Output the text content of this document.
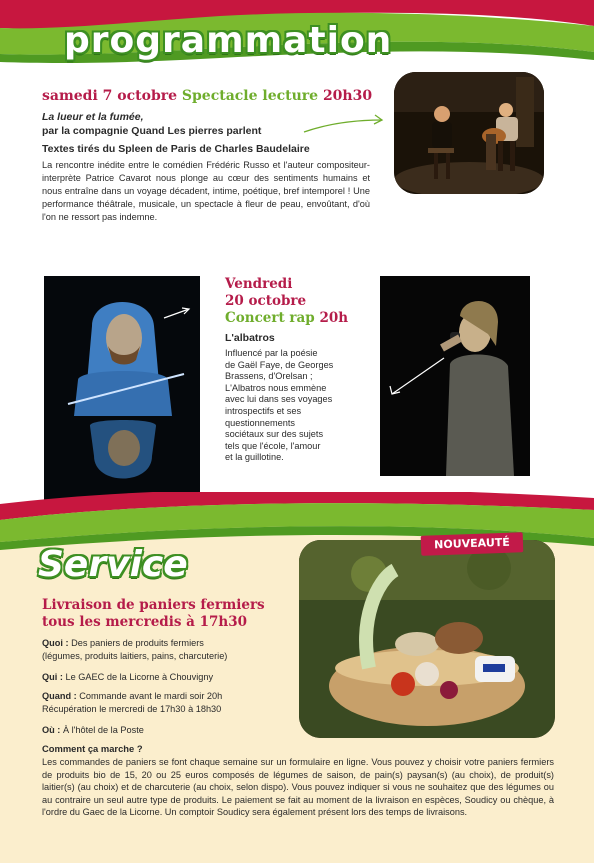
programmation
samedi 7 octobre Spectacle lecture 20h30
La lueur et la fumée,
par la compagnie Quand Les pierres parlent
Textes tirés du Spleen de Paris de Charles Baudelaire
La rencontre inédite entre le comédien Frédéric Russo et l'auteur compositeur-interprète Patrice Cavarot nous plonge au cœur des sentiments humains et nous entraîne dans un voyage décadent, intime, poétique, bref intemporel ! Une performance théâtrale, musicale, un spectacle à fleur de peau, envoûtant, d'où l'on ne ressort pas indemne.
Vendredi
20 octobre
Concert rap 20h
L'albatros
Influencé par la poésie
de Gaël Faye, de Georges
Brassens, d'Orelsan ;
L'Albatros nous emmène
avec lui dans ses voyages
introspectifs et ses
questionnements
sociétaux sur des sujets
tels que l'école, l'amour
et la guillotine.
Service
NOUVEAUTÉ
Livraison de paniers fermiers
tous les mercredis à 17h30
Quoi : Des paniers de produits fermiers
(légumes, produits laitiers, pains, charcuterie)
Qui : Le GAEC de la Licorne à Chouvigny
Quand : Commande avant le mardi soir 20h
Récupération le mercredi de 17h30 à 18h30
Où : À l'hôtel de la Poste
Comment ça marche ?
Les commandes de paniers se font chaque semaine sur un formulaire en ligne. Vous pouvez y choisir votre paniers fermiers de produits bio de 15, 20 ou 25 euros composés de légumes de saison, de pain(s) paysan(s) (au choix), de produit(s) laitier(s) (au choix) et de charcuterie (au choix, selon dispo). Vous pouvez indiquer si vous ne souhaitez que des légumes ou au contraire un seul autre type de produits. Le paiement se fait au moment de la livraison en espèces, Soudicy ou chèque, à l'ordre du Gaec de la Licorne. Un comptoir Soudicy sera également présent lors des temps de livraisons.
